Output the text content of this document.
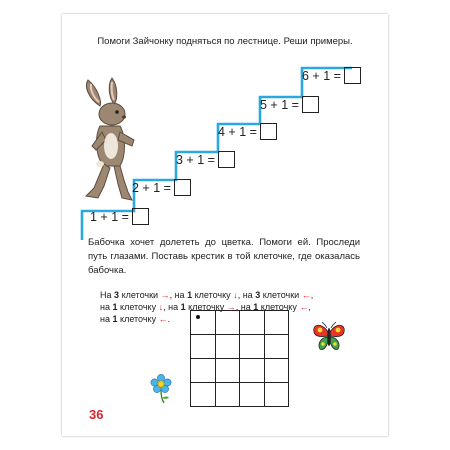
Помоги Зайчонку подняться по лестнице. Реши примеры.
1 + 1 =
2 + 1 =
3 + 1 =
4 + 1 =
5 + 1 =
6 + 1 =
Бабочка хочет долететь до цветка. Помоги ей. Проследи путь глазами. Поставь крестик в той клеточке, где оказалась бабочка.
На 3 клеточки →, на 1 клеточку ↓, на 3 клеточки ←,
на 1 клеточку ↓, на 1 клеточку →, на 1 клеточку ←,
на 1 клеточку ←.

36
